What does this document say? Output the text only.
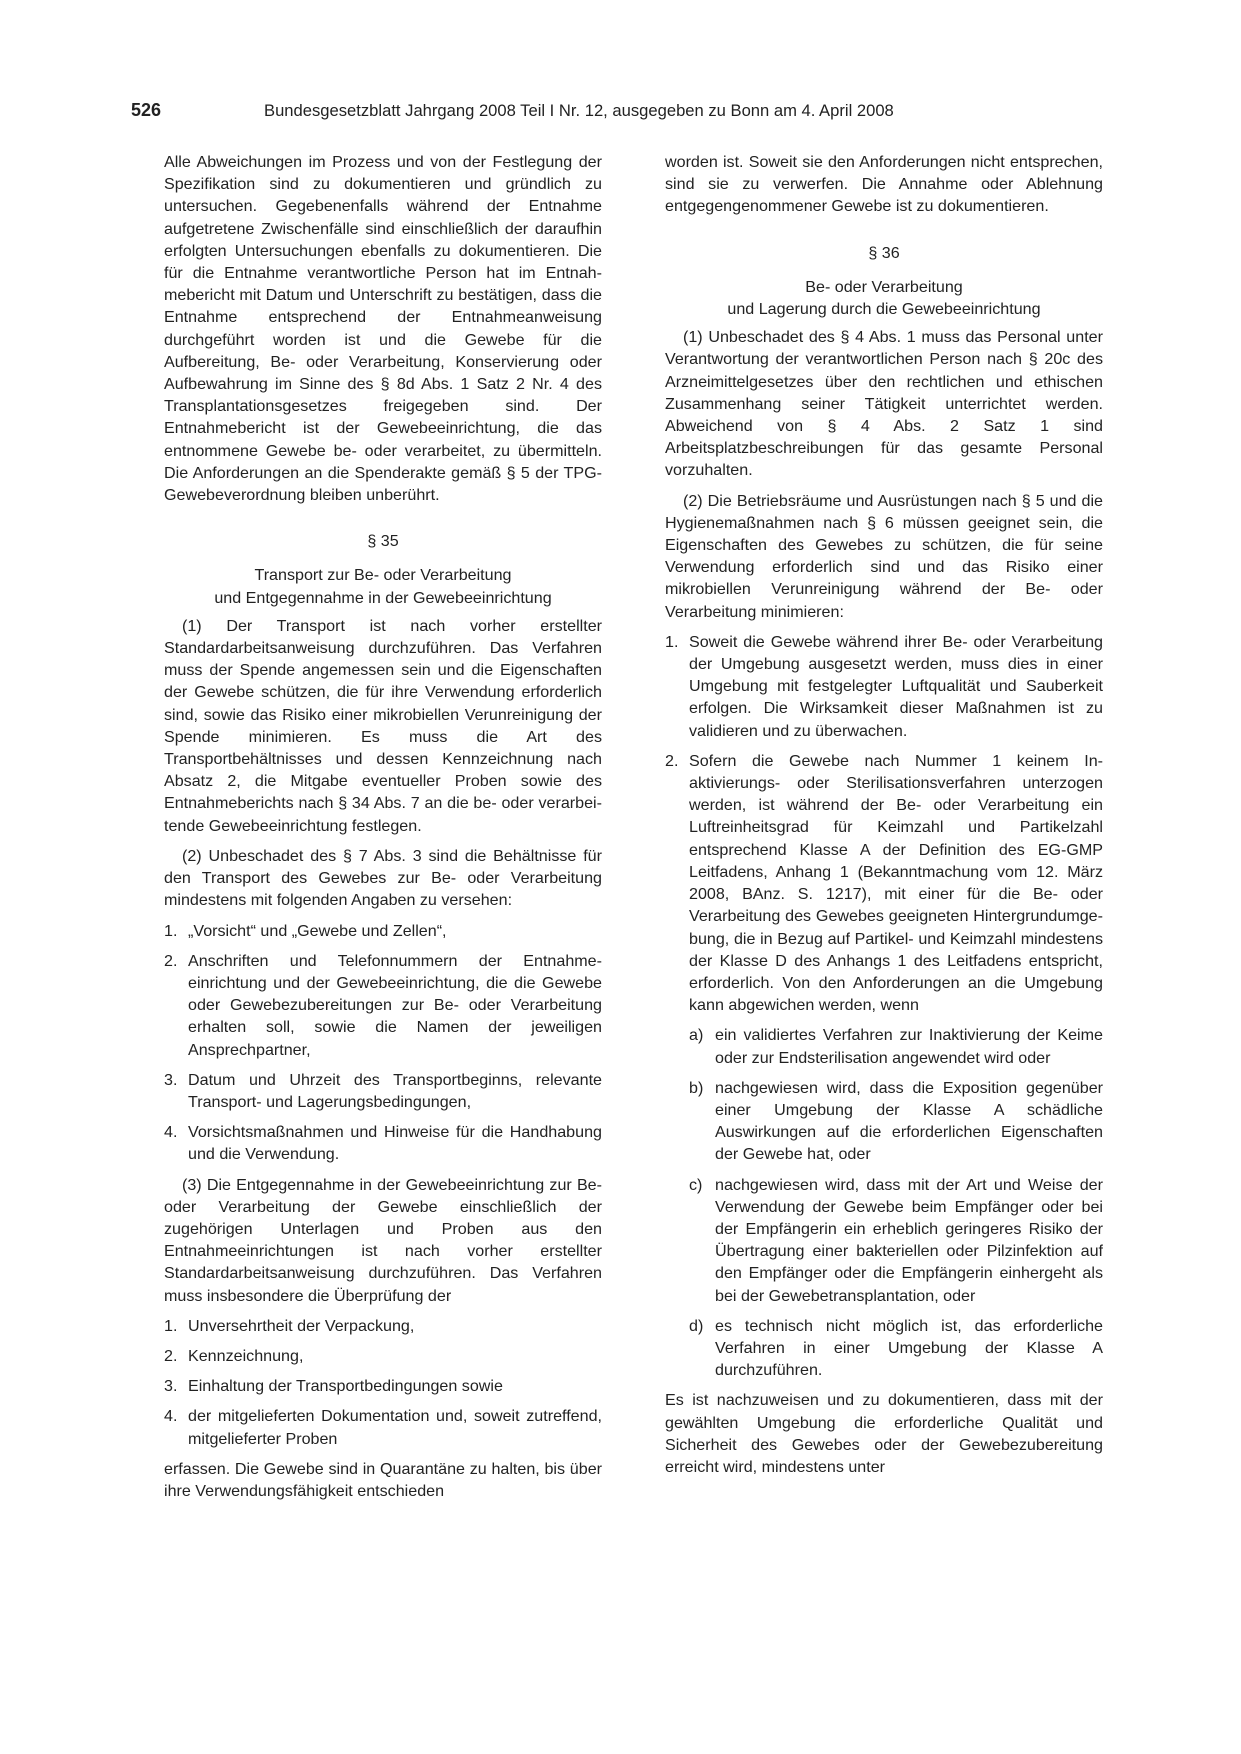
526	Bundesgesetzblatt Jahrgang 2008 Teil I Nr. 12, ausgegeben zu Bonn am 4. April 2008

Alle Abweichungen im Prozess und von der Festlegung der Spezifikation sind zu dokumentieren und gründlich zu untersuchen. Gegebenenfalls während der Entnahme aufgetretene Zwischenfälle sind einschließlich der daraufhin erfolgten Untersuchungen ebenfalls zu dokumentieren. Die für die Entnahme verantwortliche Person hat im Entnahmebericht mit Datum und Unterschrift zu bestätigen, dass die Entnahme entsprechend der Entnahmeanweisung durchgeführt worden ist und die Gewebe für die Aufbereitung, Be- oder Verarbeitung, Konservierung oder Aufbewahrung im Sinne des § 8d Abs. 1 Satz 2 Nr. 4 des Transplantationsgesetzes freigegeben sind. Der Entnahmebericht ist der Gewebeeinrichtung, die das entnommene Gewebe be- oder verarbeitet, zu übermitteln. Die Anforderungen an die Spenderakte gemäß § 5 der TPG-Gewebeverordnung bleiben unberührt.

§ 35
Transport zur Be- oder Verarbeitung
und Entgegennahme in der Gewebeeinrichtung

(1) Der Transport ist nach vorher erstellter Standardarbeitsanweisung durchzuführen. Das Verfahren muss der Spende angemessen sein und die Eigenschaften der Gewebe schützen, die für ihre Verwendung erforderlich sind, sowie das Risiko einer mikrobiellen Verunreinigung der Spende minimieren. Es muss die Art des Transportbehältnisses und dessen Kennzeichnung nach Absatz 2, die Mitgabe eventueller Proben sowie des Entnahmeberichts nach § 34 Abs. 7 an die be- oder verarbeitende Gewebeeinrichtung festlegen.

(2) Unbeschadet des § 7 Abs. 3 sind die Behältnisse für den Transport des Gewebes zur Be- oder Verarbeitung mindestens mit folgenden Angaben zu versehen:

1. „Vorsicht“ und „Gewebe und Zellen“,
2. Anschriften und Telefonnummern der Entnahmeeinrichtung und der Gewebeeinrichtung, die die Gewebe oder Gewebezubereitungen zur Be- oder Verarbeitung erhalten soll, sowie die Namen der jeweiligen Ansprechpartner,
3. Datum und Uhrzeit des Transportbeginns, relevante Transport- und Lagerungsbedingungen,
4. Vorsichtsmaßnahmen und Hinweise für die Handhabung und die Verwendung.

(3) Die Entgegennahme in der Gewebeeinrichtung zur Be- oder Verarbeitung der Gewebe einschließlich der zugehörigen Unterlagen und Proben aus den Entnahmeeinrichtungen ist nach vorher erstellter Standardarbeitsanweisung durchzuführen. Das Verfahren muss insbesondere die Überprüfung der

1. Unversehrtheit der Verpackung,
2. Kennzeichnung,
3. Einhaltung der Transportbedingungen sowie
4. der mitgelieferten Dokumentation und, soweit zutreffend, mitgelieferter Proben

erfassen. Die Gewebe sind in Quarantäne zu halten, bis über ihre Verwendungsfähigkeit entschieden

worden ist. Soweit sie den Anforderungen nicht entsprechen, sind sie zu verwerfen. Die Annahme oder Ablehnung entgegengenommener Gewebe ist zu dokumentieren.

§ 36
Be- oder Verarbeitung
und Lagerung durch die Gewebeeinrichtung

(1) Unbeschadet des § 4 Abs. 1 muss das Personal unter Verantwortung der verantwortlichen Person nach § 20c des Arzneimittelgesetzes über den rechtlichen und ethischen Zusammenhang seiner Tätigkeit unterrichtet werden. Abweichend von § 4 Abs. 2 Satz 1 sind Arbeitsplatzbeschreibungen für das gesamte Personal vorzuhalten.

(2) Die Betriebsräume und Ausrüstungen nach § 5 und die Hygienemaßnahmen nach § 6 müssen geeignet sein, die Eigenschaften des Gewebes zu schützen, die für seine Verwendung erforderlich sind und das Risiko einer mikrobiellen Verunreinigung während der Be- oder Verarbeitung minimieren:

1. Soweit die Gewebe während ihrer Be- oder Verarbeitung der Umgebung ausgesetzt werden, muss dies in einer Umgebung mit festgelegter Luftqualität und Sauberkeit erfolgen. Die Wirksamkeit dieser Maßnahmen ist zu validieren und zu überwachen.
2. Sofern die Gewebe nach Nummer 1 keinem Inaktivierungs- oder Sterilisationsverfahren unterzogen werden, ist während der Be- oder Verarbeitung ein Luftreinheitsgrad für Keimzahl und Partikelzahl entsprechend Klasse A der Definition des EG-GMP Leitfadens, Anhang 1 (Bekanntmachung vom 12. März 2008, BAnz. S. 1217), mit einer für die Be- oder Verarbeitung des Gewebes geeigneten Hintergrundumgebung, die in Bezug auf Partikel- und Keimzahl mindestens der Klasse D des Anhangs 1 des Leitfadens entspricht, erforderlich. Von den Anforderungen an die Umgebung kann abgewichen werden, wenn
a) ein validiertes Verfahren zur Inaktivierung der Keime oder zur Endsterilisation angewendet wird oder
b) nachgewiesen wird, dass die Exposition gegenüber einer Umgebung der Klasse A schädliche Auswirkungen auf die erforderlichen Eigenschaften der Gewebe hat, oder
c) nachgewiesen wird, dass mit der Art und Weise der Verwendung der Gewebe beim Empfänger oder bei der Empfängerin ein erheblich geringeres Risiko der Übertragung einer bakteriellen oder Pilzinfektion auf den Empfänger oder die Empfängerin einhergeht als bei der Gewebetransplantation, oder
d) es technisch nicht möglich ist, das erforderliche Verfahren in einer Umgebung der Klasse A durchzuführen.

Es ist nachzuweisen und zu dokumentieren, dass mit der gewählten Umgebung die erforderliche Qualität und Sicherheit des Gewebes oder der Gewebezubereitung erreicht wird, mindestens unter
